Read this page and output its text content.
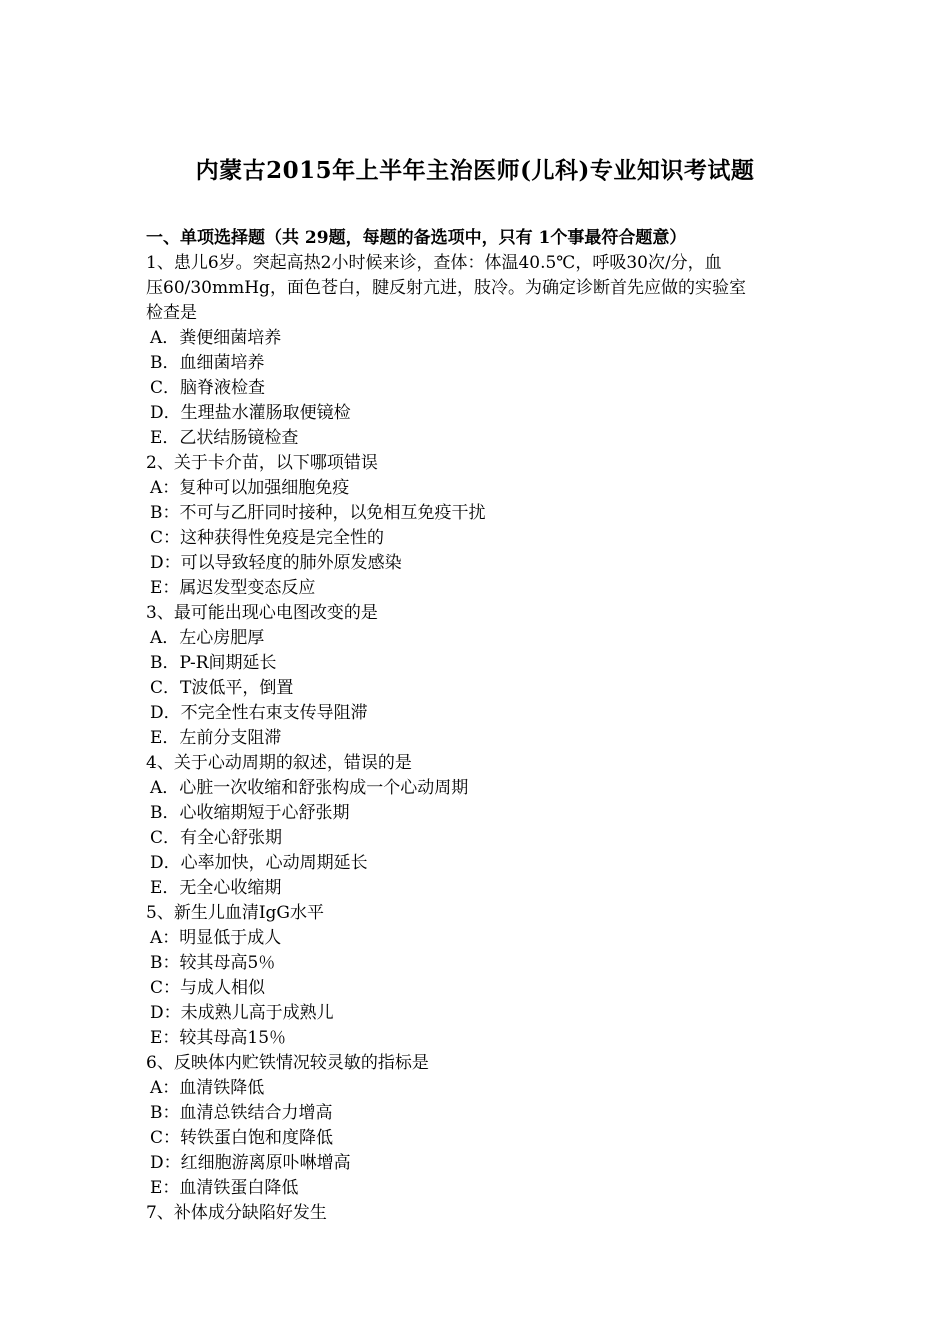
内蒙古2015年上半年主治医师(儿科)专业知识考试题
一、单项选择题（共 29题，每题的备选项中，只有 1个事最符合题意）
1、患儿6岁。突起高热2小时候来诊，查体：体温40.5℃，呼吸30次/分，血
压60/30mmHg，面色苍白，腱反射亢进，肢冷。为确定诊断首先应做的实验室
检查是
A．粪便细菌培养
B．血细菌培养
C．脑脊液检查
D．生理盐水灌肠取便镜检
E．乙状结肠镜检查
2、关于卡介苗，以下哪项错误
A：复种可以加强细胞免疫
B：不可与乙肝同时接种，以免相互免疫干扰
C：这种获得性免疫是完全性的
D：可以导致轻度的肺外原发感染
E：属迟发型变态反应
3、最可能出现心电图改变的是
A．左心房肥厚
B．P-R间期延长
C．T波低平，倒置
D．不完全性右束支传导阻滞
E．左前分支阻滞
4、关于心动周期的叙述，错误的是
A．心脏一次收缩和舒张构成一个心动周期
B．心收缩期短于心舒张期
C．有全心舒张期
D．心率加快，心动周期延长
E．无全心收缩期
5、新生儿血清IgG水平
A：明显低于成人
B：较其母高5％
C：与成人相似
D：未成熟儿高于成熟儿
E：较其母高15％
6、反映体内贮铁情况较灵敏的指标是
A：血清铁降低
B：血清总铁结合力增高
C：转铁蛋白饱和度降低
D：红细胞游离原卟啉增高
E：血清铁蛋白降低
7、补体成分缺陷好发生
